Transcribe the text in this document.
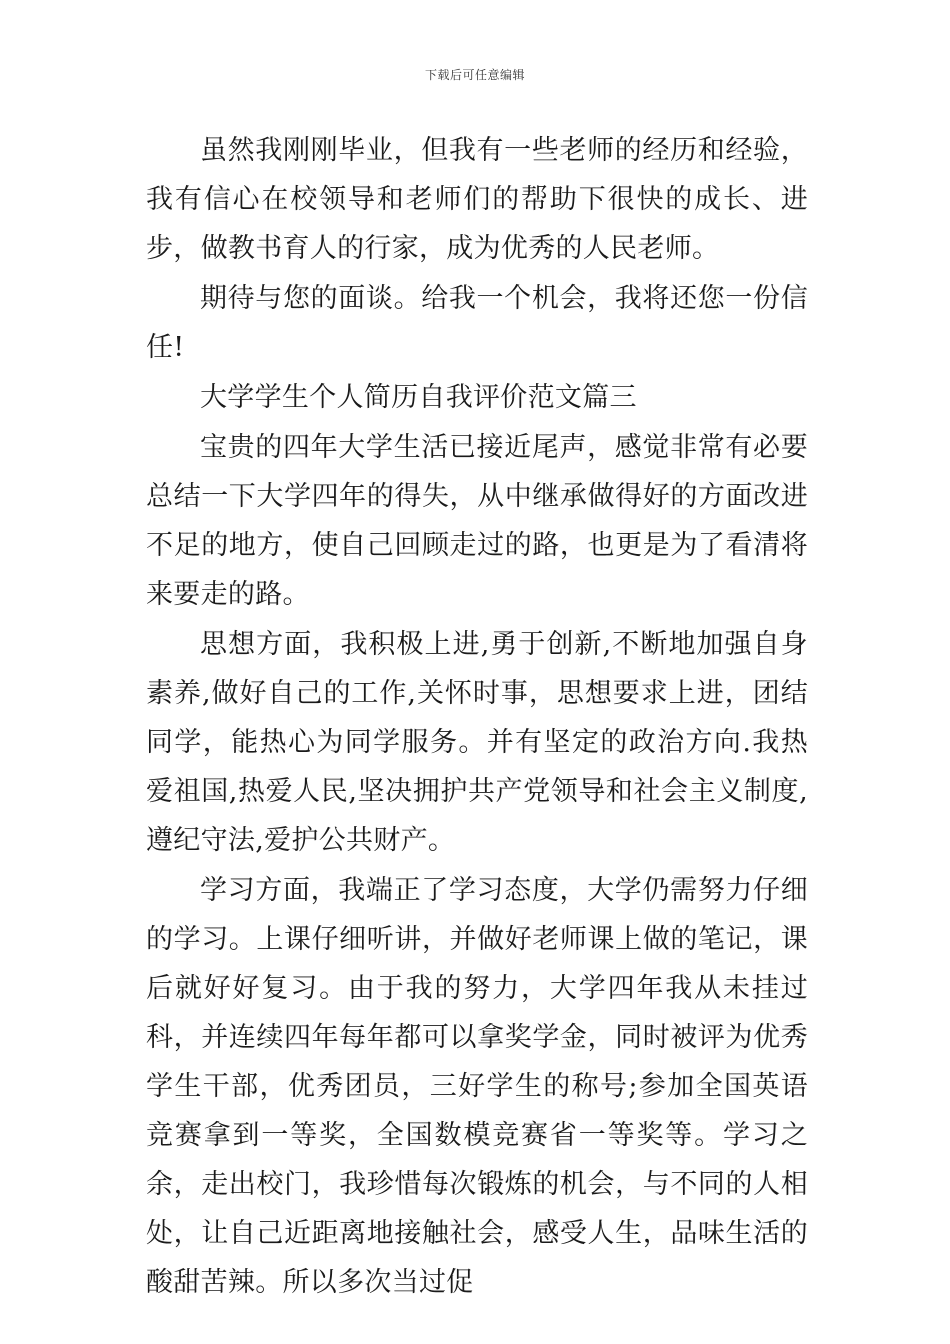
下载后可任意编辑

虽然我刚刚毕业，但我有一些老师的经历和经验，我有信心在校领导和老师们的帮助下很快的成长、进步，做教书育人的行家，成为优秀的人民老师。

期待与您的面谈。给我一个机会，我将还您一份信任!

大学学生个人简历自我评价范文篇三

宝贵的四年大学生活已接近尾声，感觉非常有必要总结一下大学四年的得失，从中继承做得好的方面改进不足的地方，使自己回顾走过的路，也更是为了看清将来要走的路。

思想方面，我积极上进,勇于创新,不断地加强自身素养,做好自己的工作,关怀时事，思想要求上进，团结同学，能热心为同学服务。并有坚定的政治方向.我热爱祖国,热爱人民,坚决拥护共产党领导和社会主义制度,遵纪守法,爱护公共财产。

学习方面，我端正了学习态度，大学仍需努力仔细的学习。上课仔细听讲，并做好老师课上做的笔记，课后就好好复习。由于我的努力，大学四年我从未挂过科，并连续四年每年都可以拿奖学金，同时被评为优秀学生干部，优秀团员，三好学生的称号;参加全国英语竞赛拿到一等奖，全国数模竞赛省一等奖等。学习之余，走出校门，我珍惜每次锻炼的机会，与不同的人相处，让自己近距离地接触社会，感受人生，品味生活的酸甜苦辣。所以多次当过促
